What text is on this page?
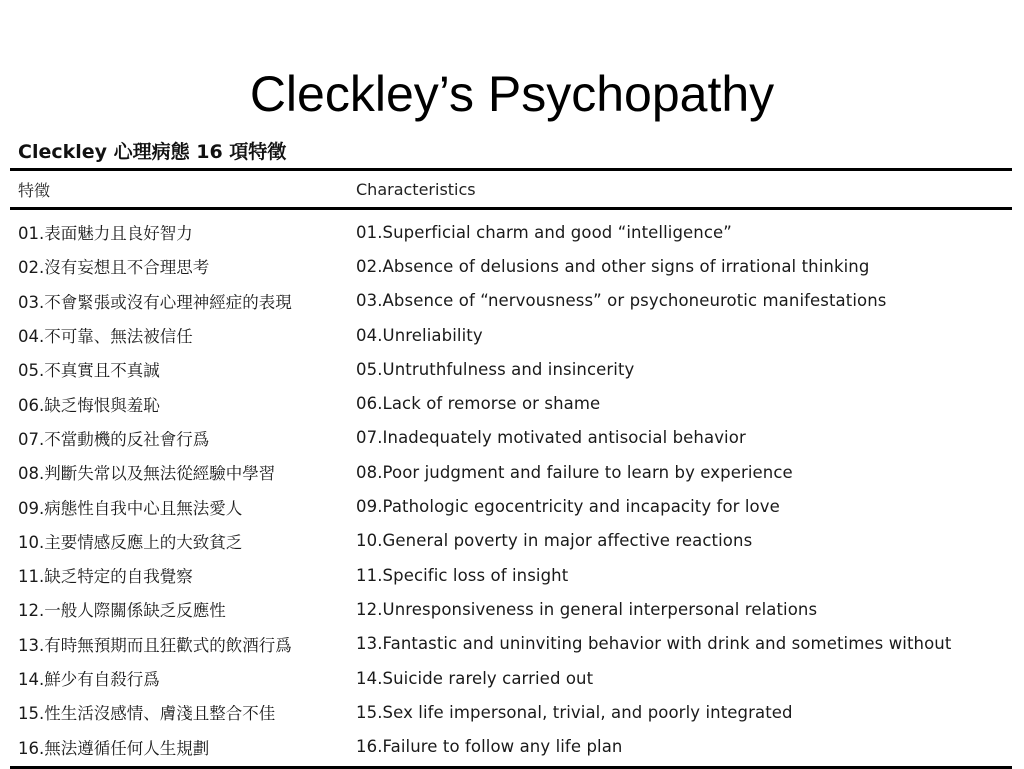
Cleckley’s Psychopathy
Cleckley 心理病態 16 項特徵
特徵	Characteristics
01.表面魅力且良好智力	01.Superficial charm and good “intelligence”
02.沒有妄想且不合理思考	02.Absence of delusions and other signs of irrational thinking
03.不會緊張或沒有心理神經症的表現	03.Absence of “nervousness” or psychoneurotic manifestations
04.不可靠、無法被信任	04.Unreliability
05.不真實且不真誠	05.Untruthfulness and insincerity
06.缺乏悔恨與羞恥	06.Lack of remorse or shame
07.不當動機的反社會行爲	07.Inadequately motivated antisocial behavior
08.判斷失常以及無法從經驗中學習	08.Poor judgment and failure to learn by experience
09.病態性自我中心且無法愛人	09.Pathologic egocentricity and incapacity for love
10.主要情感反應上的大致貧乏	10.General poverty in major affective reactions
11.缺乏特定的自我覺察	11.Specific loss of insight
12.一般人際關係缺乏反應性	12.Unresponsiveness in general interpersonal relations
13.有時無預期而且狂歡式的飲酒行爲	13.Fantastic and uninviting behavior with drink and sometimes without
14.鮮少有自殺行爲	14.Suicide rarely carried out
15.性生活沒感情、膚淺且整合不佳	15.Sex life impersonal, trivial, and poorly integrated
16.無法遵循任何人生規劃	16.Failure to follow any life plan
